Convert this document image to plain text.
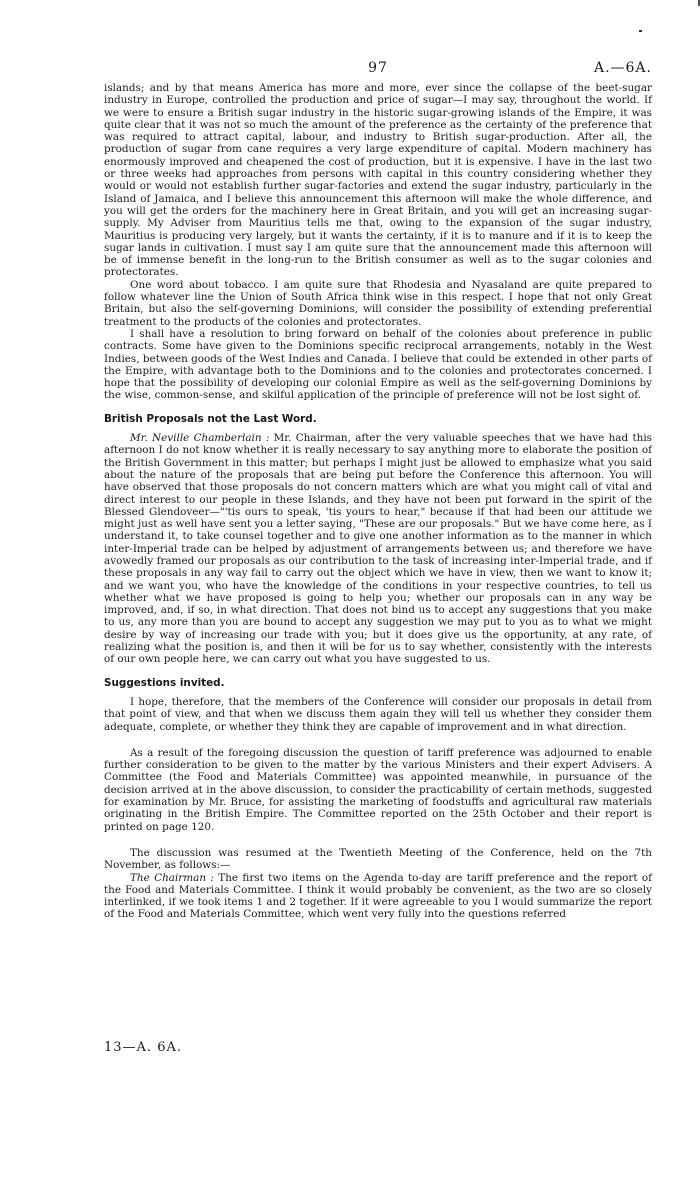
97	A.—6A.

islands; and by that means America has more and more, ever since the collapse of the beet-sugar industry in Europe, controlled the production and price of sugar—I may say, throughout the world. If we were to ensure a British sugar industry in the historic sugar-growing islands of the Empire, it was quite clear that it was not so much the amount of the preference as the certainty of the preference that was required to attract capital, labour, and industry to British sugar-production. After all, the production of sugar from cane requires a very large expenditure of capital. Modern machinery has enormously improved and cheapened the cost of production, but it is expensive. I have in the last two or three weeks had approaches from persons with capital in this country considering whether they would or would not establish further sugar-factories and extend the sugar industry, particularly in the Island of Jamaica, and I believe this announcement this afternoon will make the whole difference, and you will get the orders for the machinery here in Great Britain, and you will get an increasing sugar-supply. My Adviser from Mauritius tells me that, owing to the expansion of the sugar industry, Mauritius is producing very largely, but it wants the certainty, if it is to manure and if it is to keep the sugar lands in cultivation. I must say I am quite sure that the announcement made this afternoon will be of immense benefit in the long-run to the British consumer as well as to the sugar colonies and protectorates.

One word about tobacco. I am quite sure that Rhodesia and Nyasaland are quite prepared to follow whatever line the Union of South Africa think wise in this respect. I hope that not only Great Britain, but also the self-governing Dominions, will consider the possibility of extending preferential treatment to the products of the colonies and protectorates.

I shall have a resolution to bring forward on behalf of the colonies about preference in public contracts. Some have given to the Dominions specific reciprocal arrangements, notably in the West Indies, between goods of the West Indies and Canada. I believe that could be extended in other parts of the Empire, with advantage both to the Dominions and to the colonies and protectorates concerned. I hope that the possibility of developing our colonial Empire as well as the self-governing Dominions by the wise, common-sense, and skilful application of the principle of preference will not be lost sight of.

British Proposals not the Last Word.

Mr. Neville Chamberlain : Mr. Chairman, after the very valuable speeches that we have had this afternoon I do not know whether it is really necessary to say anything more to elaborate the position of the British Government in this matter; but perhaps I might just be allowed to emphasize what you said about the nature of the proposals that are being put before the Conference this afternoon. You will have observed that those proposals do not concern matters which are what you might call of vital and direct interest to our people in these Islands, and they have not been put forward in the spirit of the Blessed Glendoveer—"'tis ours to speak, 'tis yours to hear," because if that had been our attitude we might just as well have sent you a letter saying, "These are our proposals." But we have come here, as I understand it, to take counsel together and to give one another information as to the manner in which inter-Imperial trade can be helped by adjustment of arrangements between us; and therefore we have avowedly framed our proposals as our contribution to the task of increasing inter-Imperial trade, and if these proposals in any way fail to carry out the object which we have in view, then we want to know it; and we want you, who have the knowledge of the conditions in your respective countries, to tell us whether what we have proposed is going to help you; whether our proposals can in any way be improved, and, if so, in what direction. That does not bind us to accept any suggestions that you make to us, any more than you are bound to accept any suggestion we may put to you as to what we might desire by way of increasing our trade with you; but it does give us the opportunity, at any rate, of realizing what the position is, and then it will be for us to say whether, consistently with the interests of our own people here, we can carry out what you have suggested to us.

Suggestions invited.

I hope, therefore, that the members of the Conference will consider our proposals in detail from that point of view, and that when we discuss them again they will tell us whether they consider them adequate, complete, or whether they think they are capable of improvement and in what direction.

As a result of the foregoing discussion the question of tariff preference was adjourned to enable further consideration to be given to the matter by the various Ministers and their expert Advisers. A Committee (the Food and Materials Committee) was appointed meanwhile, in pursuance of the decision arrived at in the above discussion, to consider the practicability of certain methods, suggested for examination by Mr. Bruce, for assisting the marketing of foodstuffs and agricultural raw materials originating in the British Empire. The Committee reported on the 25th October and their report is printed on page 120.

The discussion was resumed at the Twentieth Meeting of the Conference, held on the 7th November, as follows:—

The Chairman : The first two items on the Agenda to-day are tariff preference and the report of the Food and Materials Committee. I think it would probably be convenient, as the two are so closely interlinked, if we took items 1 and 2 together. If it were agreeable to you I would summarize the report of the Food and Materials Committee, which went very fully into the questions referred

13—A. 6A.
